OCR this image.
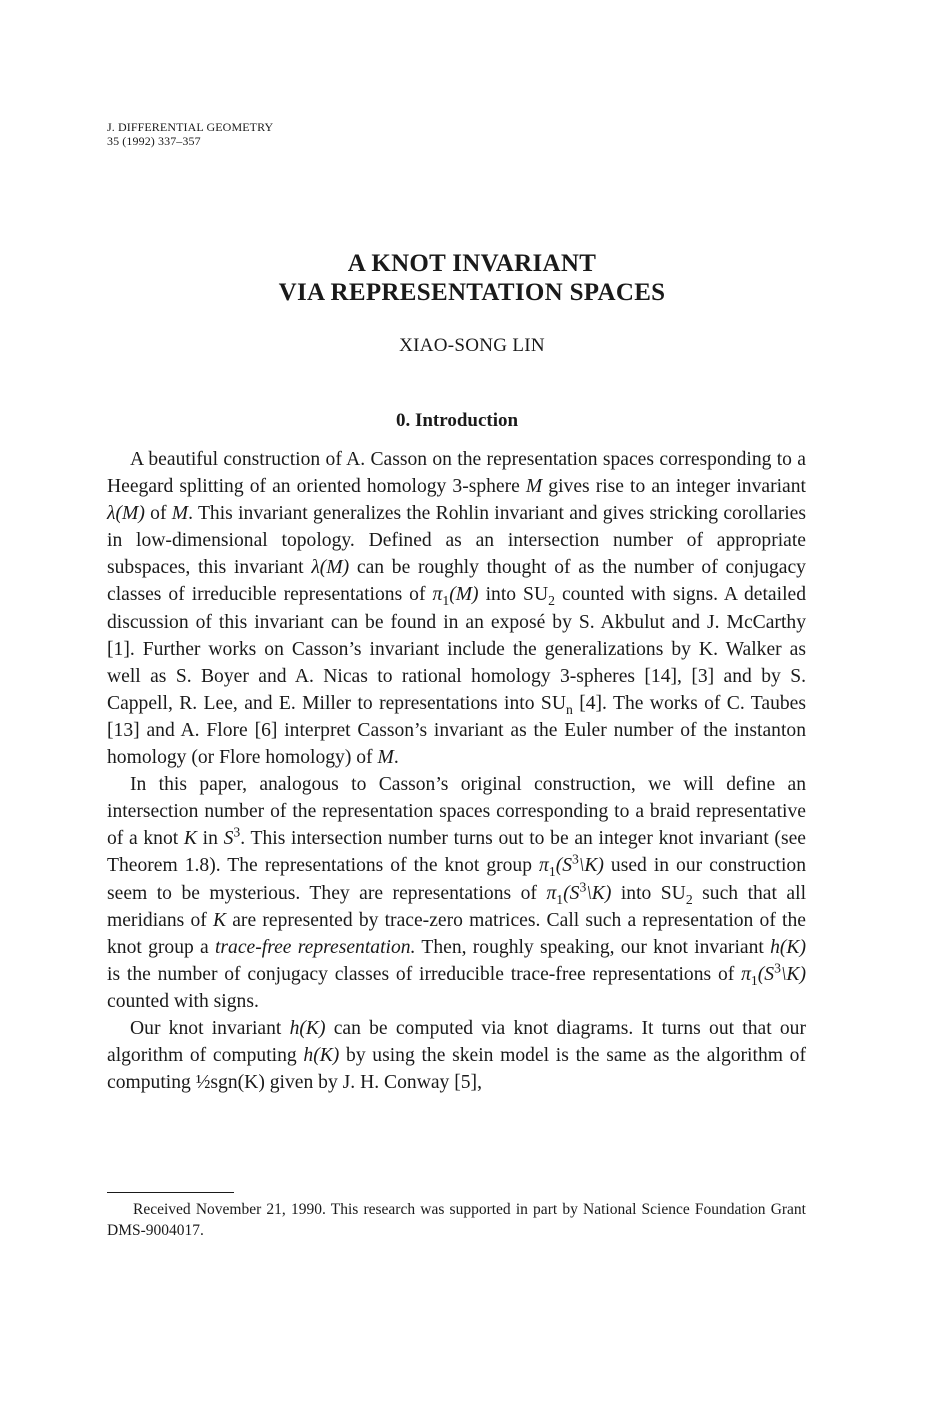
J. DIFFERENTIAL GEOMETRY
35 (1992) 337–357
A KNOT INVARIANT
VIA REPRESENTATION SPACES
XIAO-SONG LIN
0. Introduction

A beautiful construction of A. Casson on the representation spaces corresponding to a Heegard splitting of an oriented homology 3-sphere M gives rise to an integer invariant λ(M) of M. This invariant generalizes the Rohlin invariant and gives stricking corollaries in low-dimensional topology. Defined as an intersection number of appropriate subspaces, this invariant λ(M) can be roughly thought of as the number of conjugacy classes of irreducible representations of $\pi_1(M)$ into $SU_2$ counted with signs. A detailed discussion of this invariant can be found in an exposé by S. Akbulut and J. McCarthy [1]. Further works on Casson’s invariant include the generalizations by K. Walker as well as S. Boyer and A. Nicas to rational homology 3-spheres [14], [3] and by S. Cappell, R. Lee, and E. Miller to representations into $SU_n$ [4]. The works of C. Taubes [13] and A. Flore [6] interpret Casson’s invariant as the Euler number of the instanton homology (or Flore homology) of M.

In this paper, analogous to Casson’s original construction, we will define an intersection number of the representation spaces corresponding to a braid representative of a knot K in $S^3$. This intersection number turns out to be an integer knot invariant (see Theorem 1.8). The representations of the knot group $\pi_1(S^3\backslash K)$ used in our construction seem to be mysterious. They are representations of $\pi_1(S^3\backslash K)$ into $SU_2$ such that all meridians of K are represented by trace-zero matrices. Call such a representation of the knot group a trace-free representation. Then, roughly speaking, our knot invariant h(K) is the number of conjugacy classes of irreducible trace-free representations of $\pi_1(S^3\backslash K)$ counted with signs.

Our knot invariant h(K) can be computed via knot diagrams. It turns out that our algorithm of computing h(K) by using the skein model is the same as the algorithm of computing ½sgn(K) given by J. H. Conway [5],

Received November 21, 1990. This research was supported in part by National Science Foundation Grant DMS-9004017.
